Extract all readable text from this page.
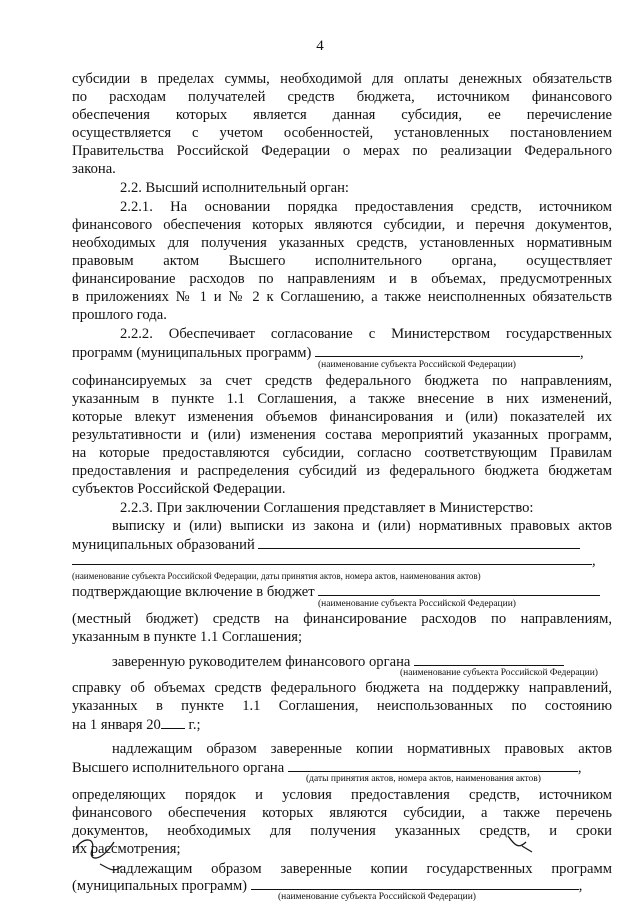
4
субсидии в пределах суммы, необходимой для оплаты денежных обязательств
по расходам получателей средств бюджета, источником финансового
обеспечения которых является данная субсидия, ее перечисление
осуществляется с учетом особенностей, установленных постановлением
Правительства Российской Федерации о мерах по реализации Федерального
закона.
2.2. Высший исполнительный орган:
2.2.1. На основании порядка предоставления средств, источником
финансового обеспечения которых являются субсидии, и перечня документов,
необходимых для получения указанных средств, установленных нормативным
правовым актом Высшего исполнительного органа, осуществляет
финансирование расходов по направлениям и в объемах, предусмотренных
в приложениях № 1 и № 2 к Соглашению, а также неисполненных обязательств
прошлого года.
2.2.2. Обеспечивает согласование с Министерством государственных
программ (муниципальных программ)	,
(наименование субъекта Российской Федерации)
софинансируемых за счет средств федерального бюджета по направлениям,
указанным в пункте 1.1 Соглашения, а также внесение в них изменений,
которые влекут изменения объемов финансирования и (или) показателей их
результативности и (или) изменения состава мероприятий указанных программ,
на которые предоставляются субсидии, согласно соответствующим Правилам
предоставления и распределения субсидий из федерального бюджета бюджетам
субъектов Российской Федерации.
2.2.3. При заключении Соглашения представляет в Министерство:
выписку и (или) выписки из закона и (или) нормативных правовых актов
муниципальных образований
,
(наименование субъекта Российской Федерации, даты принятия актов, номера актов, наименования актов)
подтверждающие включение в бюджет
(наименование субъекта Российской Федерации)
(местный бюджет) средств на финансирование расходов по направлениям,
указанным в пункте 1.1 Соглашения;
заверенную руководителем финансового органа
(наименование субъекта Российской Федерации)
справку об объемах средств федерального бюджета на поддержку направлений,
указанных в пункте 1.1 Соглашения, неиспользованных по состоянию
на 1 января 20 г.;
надлежащим образом заверенные копии нормативных правовых актов
Высшего исполнительного органа	,
(даты принятия актов, номера актов, наименования актов)
определяющих порядок и условия предоставления средств, источником
финансового обеспечения которых являются субсидии, а также перечень
документов, необходимых для получения указанных средств, и сроки
их рассмотрения;
надлежащим образом заверенные копии государственных программ
(муниципальных программ)	,
(наименование субъекта Российской Федерации)
